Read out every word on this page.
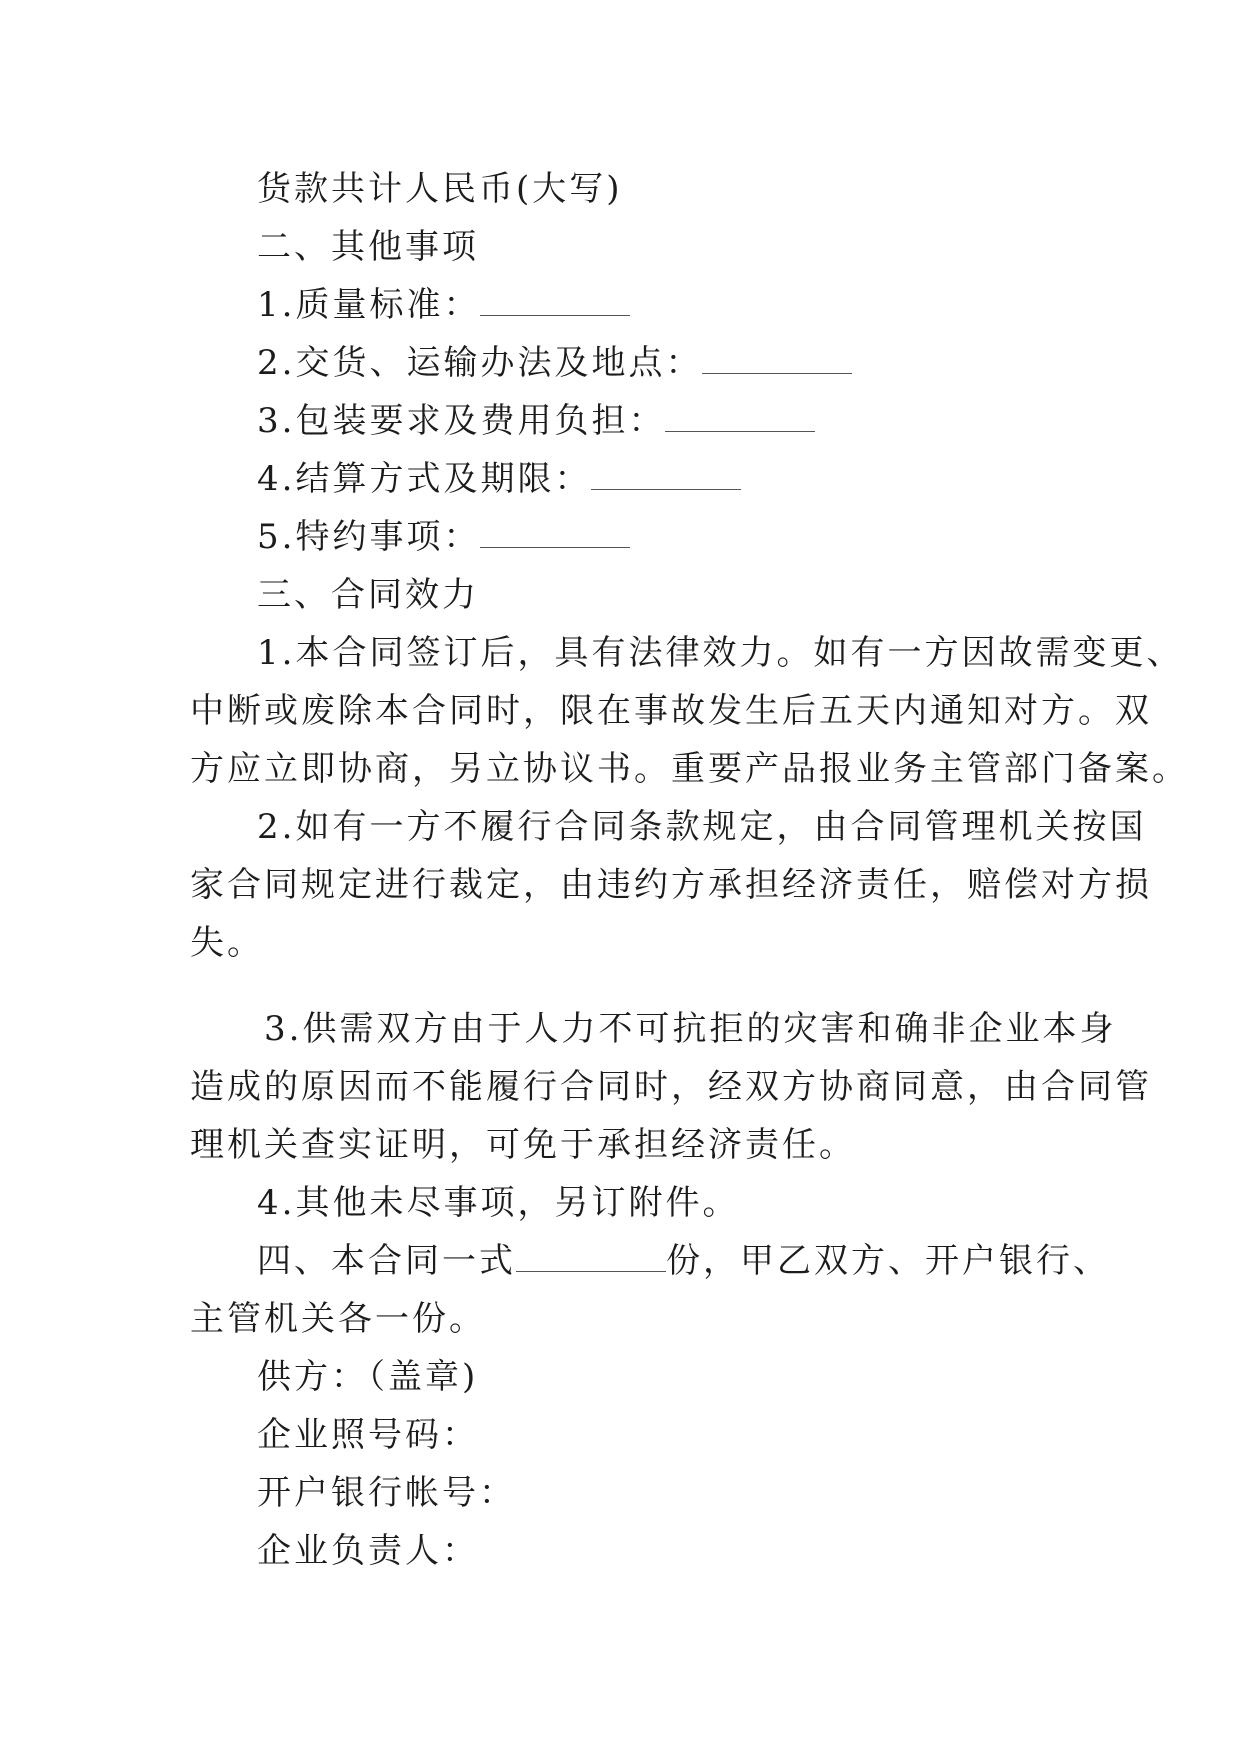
货款共计人民币(大写)
二、其他事项
1.质量标准：
2.交货、运输办法及地点：
3.包装要求及费用负担：
4.结算方式及期限：
5.特约事项：
三、合同效力
1.本合同签订后，具有法律效力。如有一方因故需变更、
中断或废除本合同时，限在事故发生后五天内通知对方。双
方应立即协商，另立协议书。重要产品报业务主管部门备案。
2.如有一方不履行合同条款规定，由合同管理机关按国
家合同规定进行裁定，由违约方承担经济责任，赔偿对方损
失。
3.供需双方由于人力不可抗拒的灾害和确非企业本身
造成的原因而不能履行合同时，经双方协商同意，由合同管
理机关查实证明，可免于承担经济责任。
4.其他未尽事项，另订附件。
四、本合同一式	份，甲乙双方、开户银行、
主管机关各一份。
供方：（盖章)
企业照号码：
开户银行帐号：
企业负责人：
